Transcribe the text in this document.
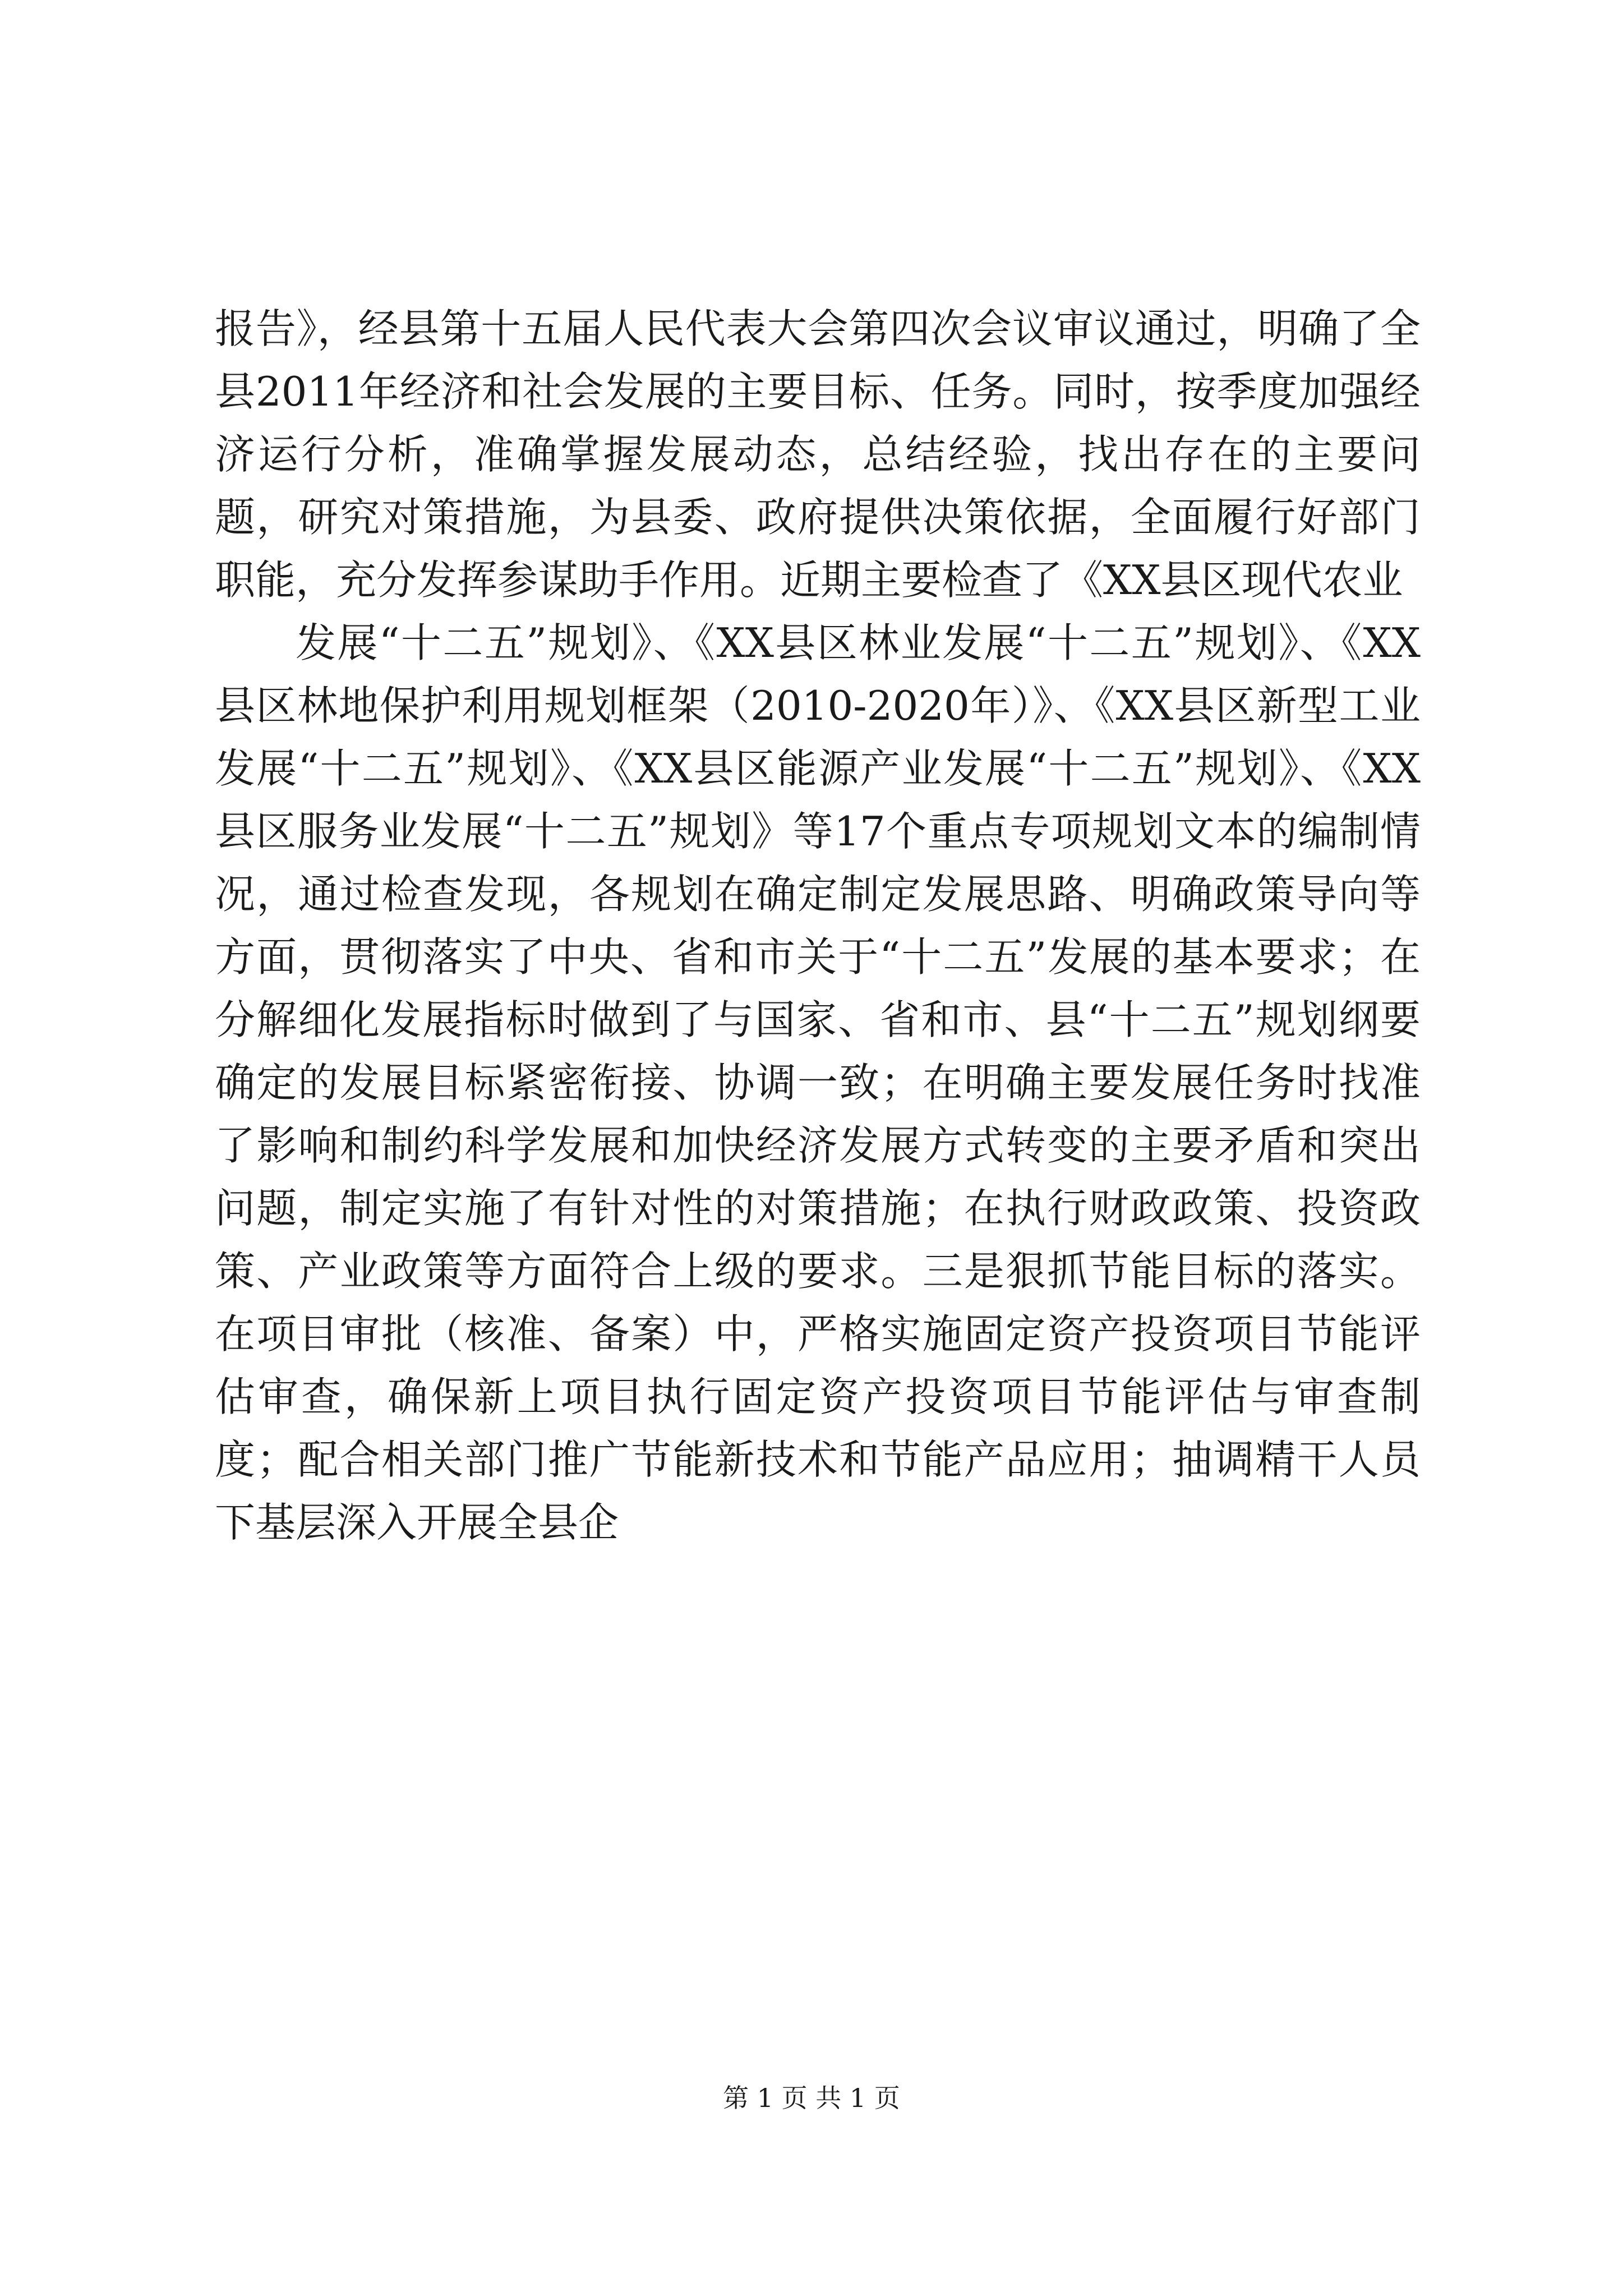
报告》，经县第十五届人民代表大会第四次会议审议通过，明确了全县2011年经济和社会发展的主要目标、任务。同时，按季度加强经济运行分析，准确掌握发展动态，总结经验，找出存在的主要问题，研究对策措施，为县委、政府提供决策依据，全面履行好部门职能，充分发挥参谋助手作用。近期主要检查了《XX县区现代农业

发展“十二五”规划》、《XX县区林业发展“十二五”规划》、《XX县区林地保护利用规划框架（2010-2020年）》、《XX县区新型工业发展“十二五”规划》、《XX县区能源产业发展“十二五”规划》、《XX县区服务业发展“十二五”规划》等17个重点专项规划文本的编制情况，通过检查发现，各规划在确定制定发展思路、明确政策导向等方面，贯彻落实了中央、省和市关于“十二五”发展的基本要求；在分解细化发展指标时做到了与国家、省和市、县“十二五”规划纲要确定的发展目标紧密衔接、协调一致；在明确主要发展任务时找准了影响和制约科学发展和加快经济发展方式转变的主要矛盾和突出问题，制定实施了有针对性的对策措施；在执行财政政策、投资政策、产业政策等方面符合上级的要求。三是狠抓节能目标的落实。在项目审批（核准、备案）中，严格实施固定资产投资项目节能评估审查，确保新上项目执行固定资产投资项目节能评估与审查制度；配合相关部门推广节能新技术和节能产品应用；抽调精干人员下基层深入开展全县企

第 1 页 共 1 页
